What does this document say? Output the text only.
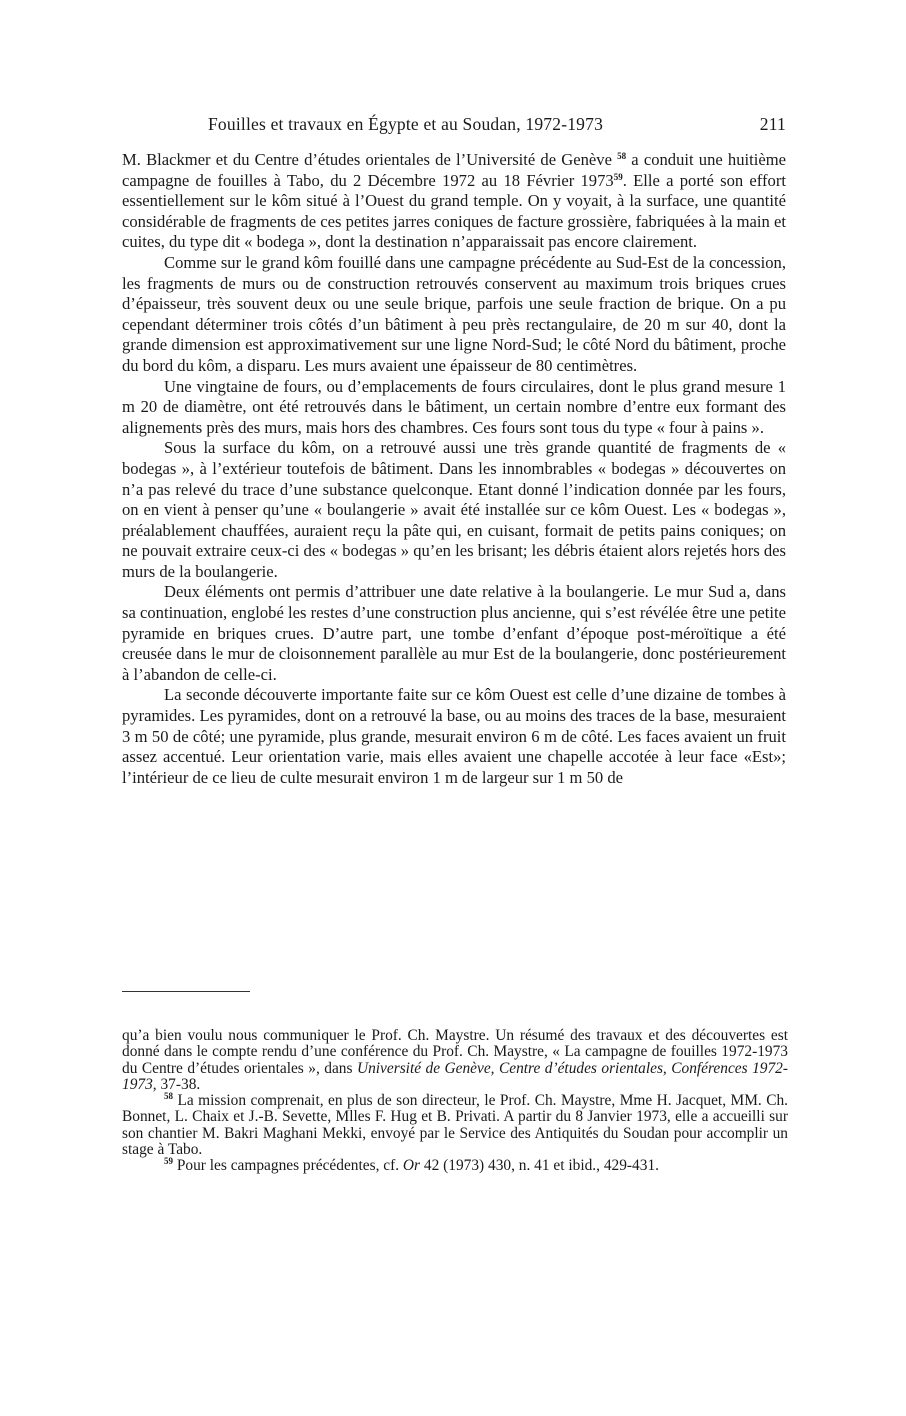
Fouilles et travaux en Égypte et au Soudan, 1972-1973	211

M. Blackmer et du Centre d’études orientales de l’Université de Genève $^{58}$ a conduit une huitième campagne de fouilles à Tabo, du 2 Décembre 1972 au 18 Février 1973$^{59}$. Elle a porté son effort essentiellement sur le kôm situé à l’Ouest du grand temple. On y voyait, à la surface, une quantité considérable de fragments de ces petites jarres coniques de facture grossière, fabriquées à la main et cuites, du type dit « bodega », dont la destination n’apparaissait pas encore clairement.

Comme sur le grand kôm fouillé dans une campagne précédente au Sud-Est de la concession, les fragments de murs ou de construction retrouvés conservent au maximum trois briques crues d’épaisseur, très souvent deux ou une seule brique, parfois une seule fraction de brique. On a pu cependant déterminer trois côtés d’un bâtiment à peu près rectangulaire, de 20 m sur 40, dont la grande dimension est approximativement sur une ligne Nord-Sud; le côté Nord du bâtiment, proche du bord du kôm, a disparu. Les murs avaient une épaisseur de 80 centimètres.

Une vingtaine de fours, ou d’emplacements de fours circulaires, dont le plus grand mesure 1 m 20 de diamètre, ont été retrouvés dans le bâtiment, un certain nombre d’entre eux formant des alignements près des murs, mais hors des chambres. Ces fours sont tous du type « four à pains ».

Sous la surface du kôm, on a retrouvé aussi une très grande quantité de fragments de « bodegas », à l’extérieur toutefois de bâtiment. Dans les innombrables « bodegas » découvertes on n’a pas relevé du trace d’une substance quelconque. Etant donné l’indication donnée par les fours, on en vient à penser qu’une « boulangerie » avait été installée sur ce kôm Ouest. Les « bodegas », préalablement chauffées, auraient reçu la pâte qui, en cuisant, formait de petits pains coniques; on ne pouvait extraire ceux-ci des « bodegas » qu’en les brisant; les débris étaient alors rejetés hors des murs de la boulangerie.

Deux éléments ont permis d’attribuer une date relative à la boulangerie. Le mur Sud a, dans sa continuation, englobé les restes d’une construction plus ancienne, qui s’est révélée être une petite pyramide en briques crues. D’autre part, une tombe d’enfant d’époque post-méroïtique a été creusée dans le mur de cloisonnement parallèle au mur Est de la boulangerie, donc postérieurement à l’abandon de celle-ci.

La seconde découverte importante faite sur ce kôm Ouest est celle d’une dizaine de tombes à pyramides. Les pyramides, dont on a retrouvé la base, ou au moins des traces de la base, mesuraient 3 m 50 de côté; une pyramide, plus grande, mesurait environ 6 m de côté. Les faces avaient un fruit assez accentué. Leur orientation varie, mais elles avaient une chapelle accotée à leur face «Est»; l’intérieur de ce lieu de culte mesurait environ 1 m de largeur sur 1 m 50 de

qu’a bien voulu nous communiquer le Prof. Ch. Maystre. Un résumé des travaux et des découvertes est donné dans le compte rendu d’une conférence du Prof. Ch. Maystre, « La campagne de fouilles 1972-1973 du Centre d’études orientales », dans Université de Genève, Centre d’études orientales, Conférences 1972-1973, 37-38.

$^{58}$ La mission comprenait, en plus de son directeur, le Prof. Ch. Maystre, Mme H. Jacquet, MM. Ch. Bonnet, L. Chaix et J.-B. Sevette, Mlles F. Hug et B. Privati. A partir du 8 Janvier 1973, elle a accueilli sur son chantier M. Bakri Maghani Mekki, envoyé par le Service des Antiquités du Soudan pour accomplir un stage à Tabo.

$^{59}$ Pour les campagnes précédentes, cf. Or 42 (1973) 430, n. 41 et ibid., 429-431.
